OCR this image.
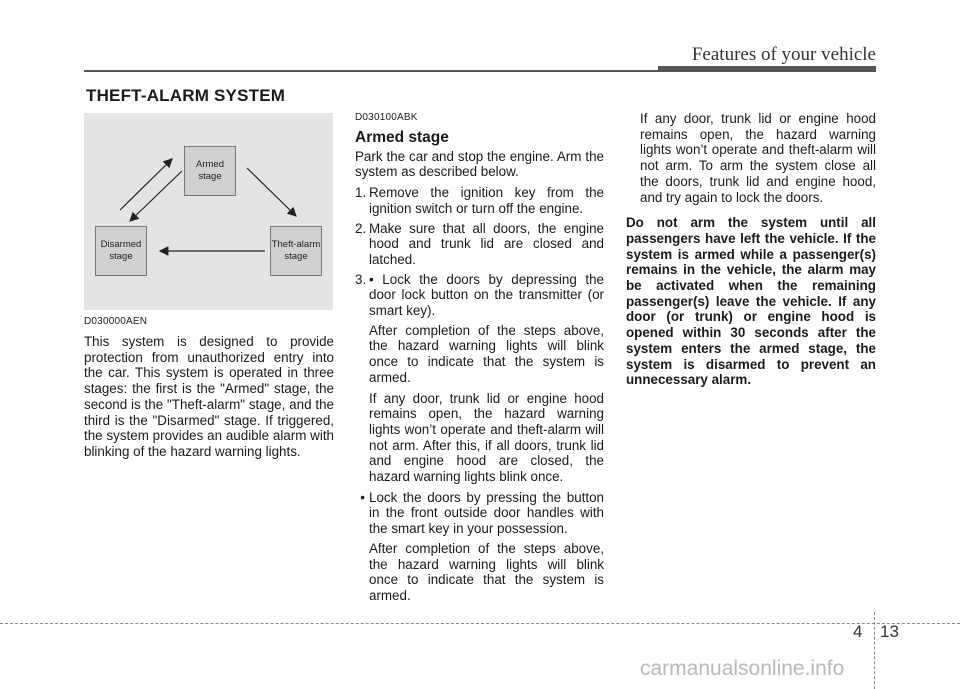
Features of your vehicle
THEFT-ALARM SYSTEM
Armed
stage
Disarmed
stage
Theft-alarm
stage
D030000AEN

This system is designed to provide protection from unauthorized entry into the car. This system is operated in three stages: the first is the "Armed" stage, the second is the "Theft-alarm" stage, and the third is the "Disarmed" stage. If triggered, the system provides an audible alarm with blinking of the hazard warning lights.

D030100ABK
Armed stage

Park the car and stop the engine. Arm the system as described below.

1. Remove the ignition key from the ignition switch or turn off the engine.
2. Make sure that all doors, the engine hood and trunk lid are closed and latched.
3. • Lock the doors by depressing the door lock button on the transmitter (or smart key).

After completion of the steps above, the hazard warning lights will blink once to indicate that the system is armed.

If any door, trunk lid or engine hood remains open, the hazard warning lights won’t operate and theft-alarm will not arm. After this, if all doors, trunk lid and engine hood are closed, the hazard warning lights blink once.

• Lock the doors by pressing the button in the front outside door handles with the smart key in your possession.

After completion of the steps above, the hazard warning lights will blink once to indicate that the system is armed.

If any door, trunk lid or engine hood remains open, the hazard warning lights won’t operate and theft-alarm will not arm. To arm the system close all the doors, trunk lid and engine hood, and try again to lock the doors.

Do not arm the system until all passengers have left the vehicle. If the system is armed while a passenger(s) remains in the vehicle, the alarm may be activated when the remaining passenger(s) leave the vehicle. If any door (or trunk) or engine hood is opened within 30 seconds after the system enters the armed stage, the system is disarmed to prevent an unnecessary alarm.

4 13
carmanualsonline.info
